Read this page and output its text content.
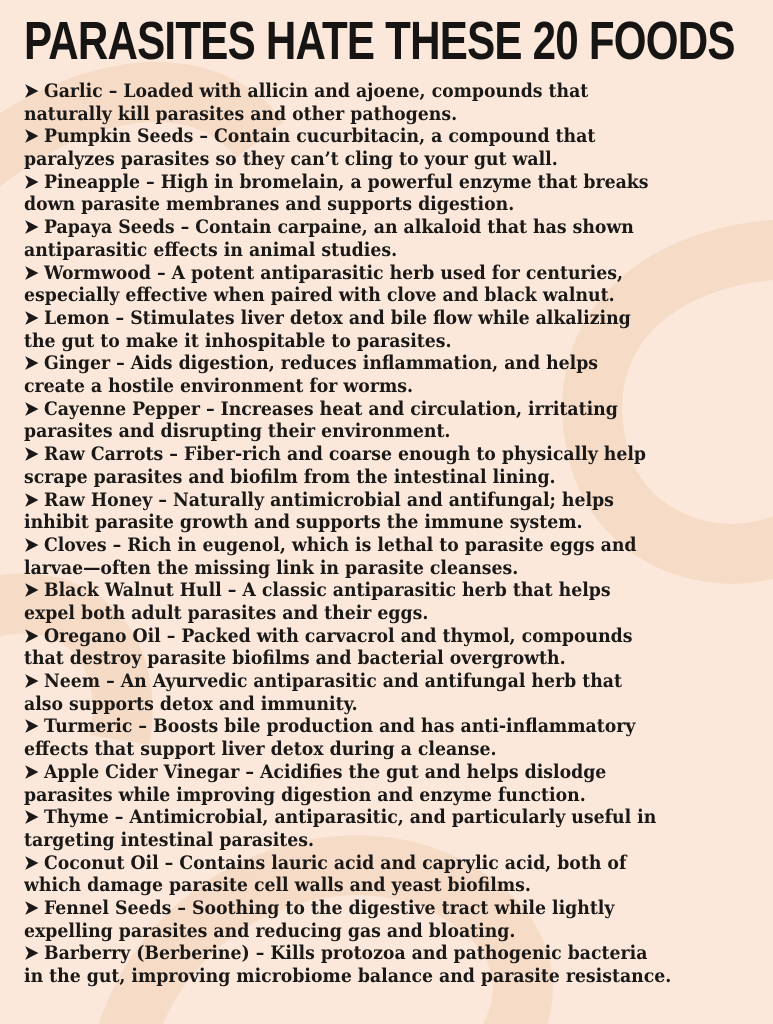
PARASITES HATE THESE 20 FOODS
➤ Garlic – Loaded with allicin and ajoene, compounds that
naturally kill parasites and other pathogens.
➤ Pumpkin Seeds – Contain cucurbitacin, a compound that
paralyzes parasites so they can’t cling to your gut wall.
➤ Pineapple – High in bromelain, a powerful enzyme that breaks
down parasite membranes and supports digestion.
➤ Papaya Seeds – Contain carpaine, an alkaloid that has shown
antiparasitic effects in animal studies.
➤ Wormwood – A potent antiparasitic herb used for centuries,
especially effective when paired with clove and black walnut.
➤ Lemon – Stimulates liver detox and bile flow while alkalizing
the gut to make it inhospitable to parasites.
➤ Ginger – Aids digestion, reduces inflammation, and helps
create a hostile environment for worms.
➤ Cayenne Pepper – Increases heat and circulation, irritating
parasites and disrupting their environment.
➤ Raw Carrots – Fiber-rich and coarse enough to physically help
scrape parasites and biofilm from the intestinal lining.
➤ Raw Honey – Naturally antimicrobial and antifungal; helps
inhibit parasite growth and supports the immune system.
➤ Cloves – Rich in eugenol, which is lethal to parasite eggs and
larvae—often the missing link in parasite cleanses.
➤ Black Walnut Hull – A classic antiparasitic herb that helps
expel both adult parasites and their eggs.
➤ Oregano Oil – Packed with carvacrol and thymol, compounds
that destroy parasite biofilms and bacterial overgrowth.
➤ Neem – An Ayurvedic antiparasitic and antifungal herb that
also supports detox and immunity.
➤ Turmeric – Boosts bile production and has anti-inflammatory
effects that support liver detox during a cleanse.
➤ Apple Cider Vinegar – Acidifies the gut and helps dislodge
parasites while improving digestion and enzyme function.
➤ Thyme – Antimicrobial, antiparasitic, and particularly useful in
targeting intestinal parasites.
➤ Coconut Oil – Contains lauric acid and caprylic acid, both of
which damage parasite cell walls and yeast biofilms.
➤ Fennel Seeds – Soothing to the digestive tract while lightly
expelling parasites and reducing gas and bloating.
➤ Barberry (Berberine) – Kills protozoa and pathogenic bacteria
in the gut, improving microbiome balance and parasite resistance.
